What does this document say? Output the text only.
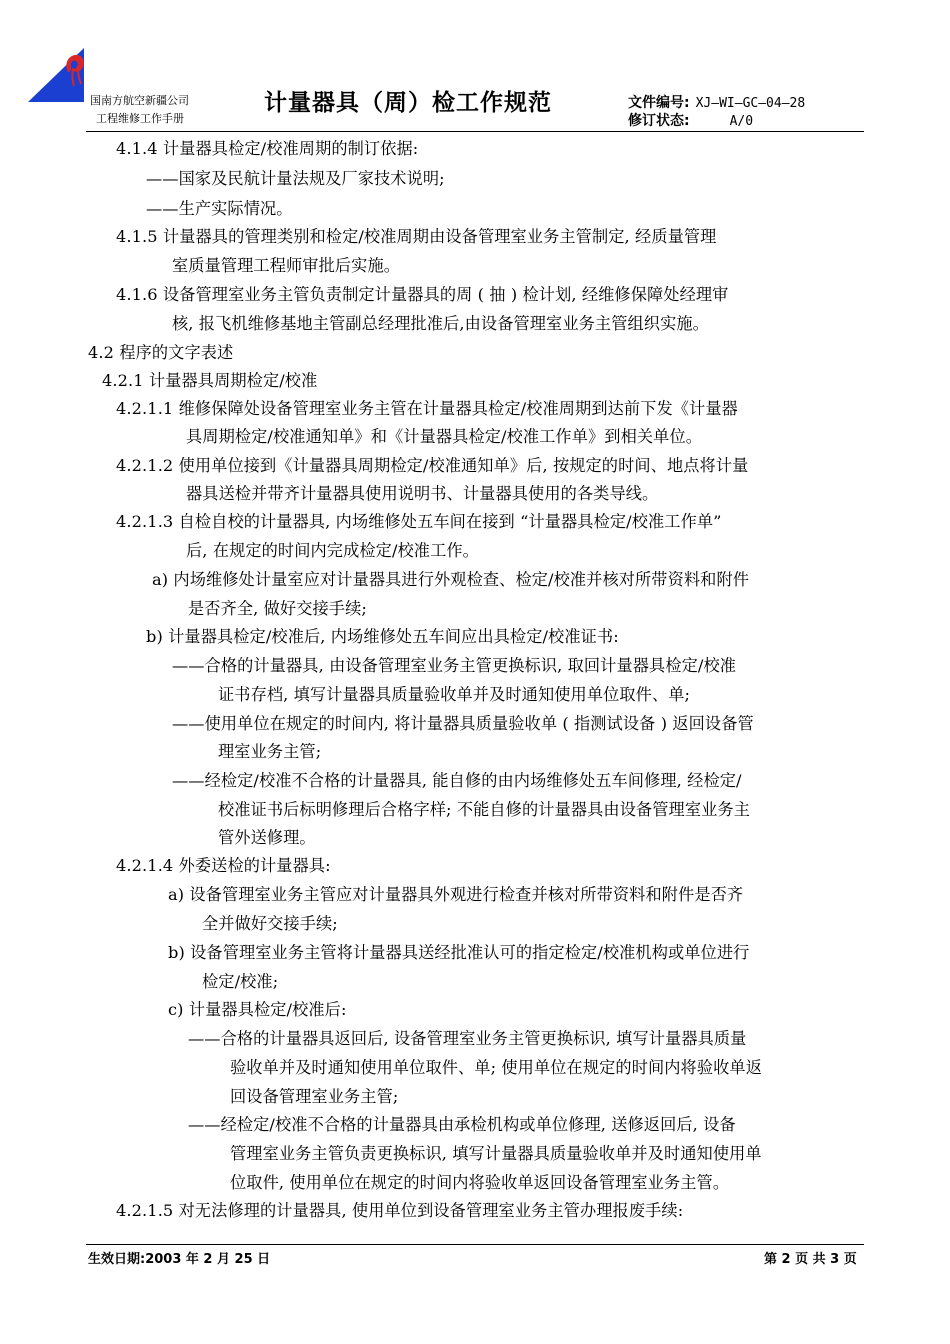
国南方航空新疆公司
工程维修工作手册
计量器具（周）检工作规范	文件编号: XJ—WI—GC—04—28
修订状态:	A/0
4.1.4 计量器具检定/校准周期的制订依据:
——国家及民航计量法规及厂家技术说明;
——生产实际情况。
4.1.5 计量器具的管理类别和检定/校准周期由设备管理室业务主管制定, 经质量管理
室质量管理工程师审批后实施。
4.1.6 设备管理室业务主管负责制定计量器具的周 ( 抽 ) 检计划, 经维修保障处经理审
核, 报飞机维修基地主管副总经理批准后,由设备管理室业务主管组织实施。
4.2 程序的文字表述
4.2.1 计量器具周期检定/校准
4.2.1.1 维修保障处设备管理室业务主管在计量器具检定/校准周期到达前下发《计量器
具周期检定/校准通知单》和《计量器具检定/校准工作单》到相关单位。
4.2.1.2 使用单位接到《计量器具周期检定/校准通知单》后, 按规定的时间、地点将计量
器具送检并带齐计量器具使用说明书、计量器具使用的各类导线。
4.2.1.3 自检自校的计量器具, 内场维修处五车间在接到 “计量器具检定/校准工作单”
后, 在规定的时间内完成检定/校准工作。
a) 内场维修处计量室应对计量器具进行外观检查、检定/校准并核对所带资料和附件
是否齐全, 做好交接手续;
b) 计量器具检定/校准后, 内场维修处五车间应出具检定/校准证书:
——合格的计量器具, 由设备管理室业务主管更换标识, 取回计量器具检定/校准
证书存档, 填写计量器具质量验收单并及时通知使用单位取件、单;
——使用单位在规定的时间内, 将计量器具质量验收单 ( 指测试设备 ) 返回设备管
理室业务主管;
——经检定/校准不合格的计量器具, 能自修的由内场维修处五车间修理, 经检定/
校准证书后标明修理后合格字样; 不能自修的计量器具由设备管理室业务主
管外送修理。
4.2.1.4 外委送检的计量器具:
a) 设备管理室业务主管应对计量器具外观进行检查并核对所带资料和附件是否齐
全并做好交接手续;
b) 设备管理室业务主管将计量器具送经批准认可的指定检定/校准机构或单位进行
检定/校准;
c) 计量器具检定/校准后:
——合格的计量器具返回后, 设备管理室业务主管更换标识, 填写计量器具质量
验收单并及时通知使用单位取件、单; 使用单位在规定的时间内将验收单返
回设备管理室业务主管;
——经检定/校准不合格的计量器具由承检机构或单位修理, 送修返回后, 设备
管理室业务主管负责更换标识, 填写计量器具质量验收单并及时通知使用单
位取件, 使用单位在规定的时间内将验收单返回设备管理室业务主管。
4.2.1.5 对无法修理的计量器具, 使用单位到设备管理室业务主管办理报废手续:
生效日期:2003 年 2 月 25 日	第 2 页 共 3 页
